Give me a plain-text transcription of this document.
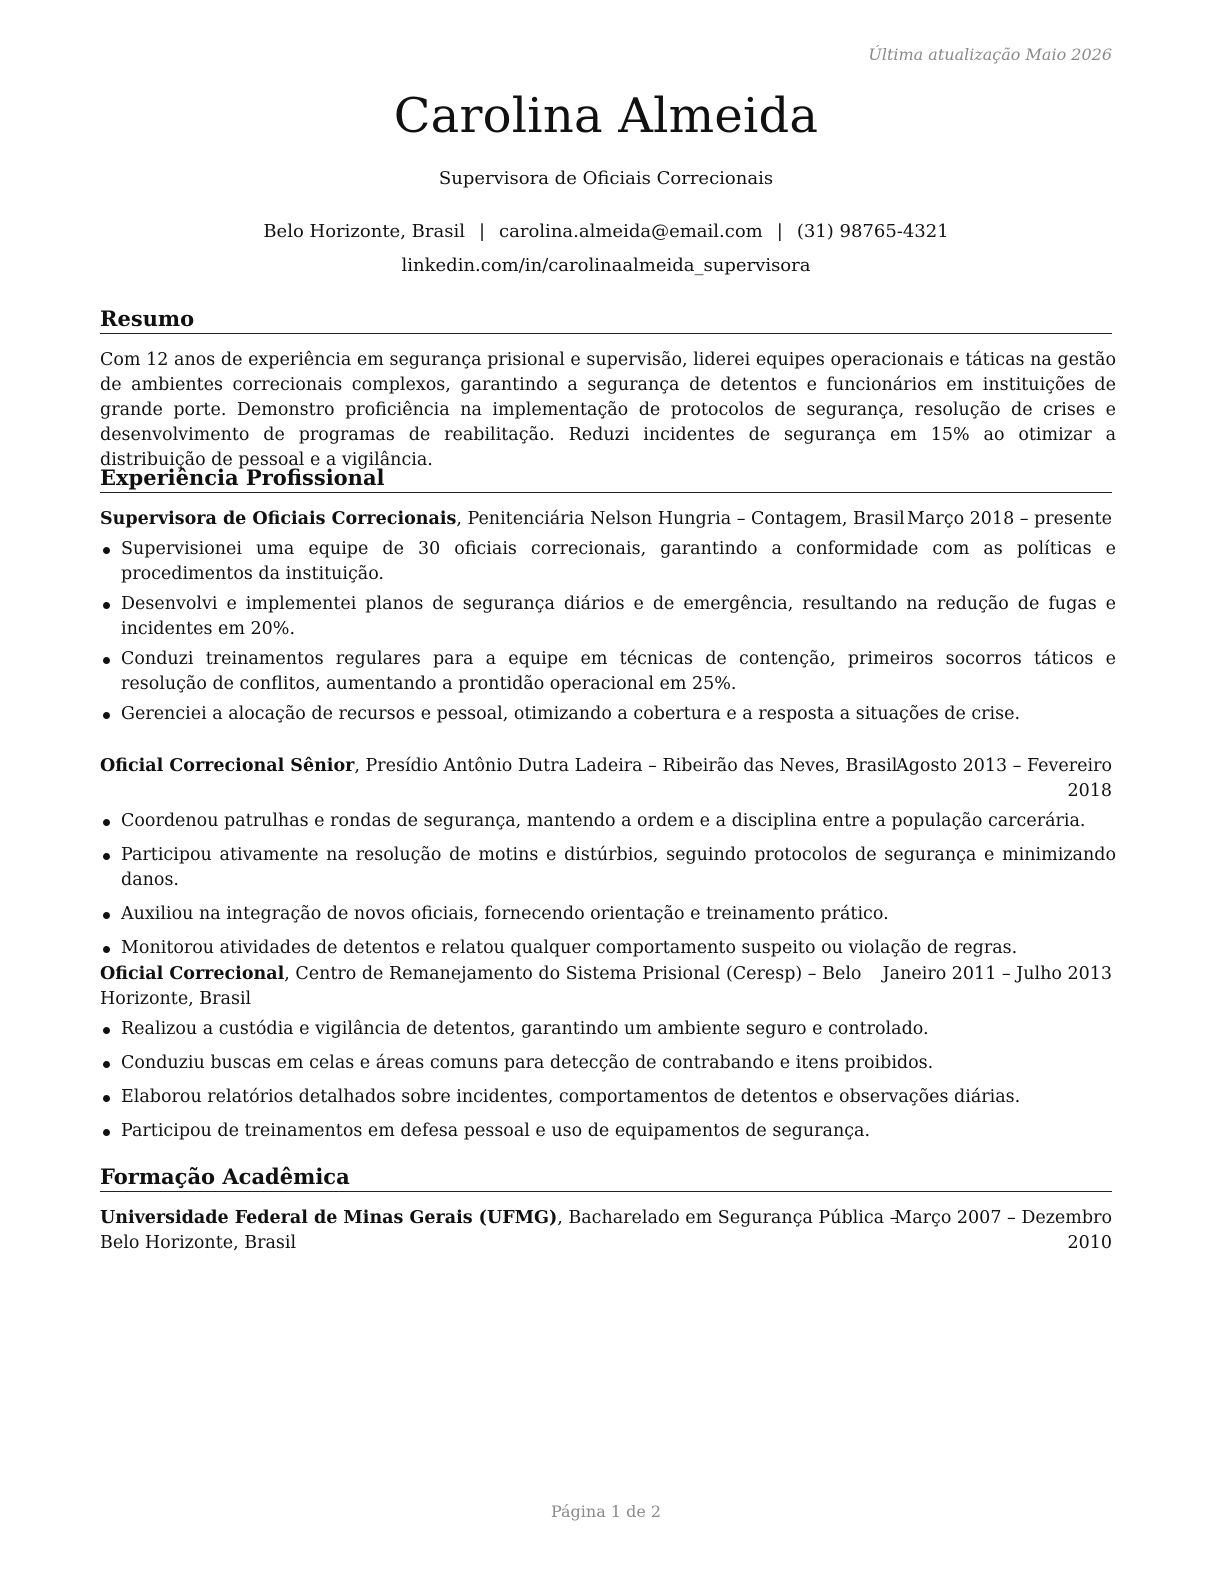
Última atualização Maio 2026
Carolina Almeida
Supervisora de Oficiais Correcionais
Belo Horizonte, Brasil | carolina.almeida@email.com | (31) 98765-4321
linkedin.com/in/carolinaalmeida_supervisora
Resumo
Com 12 anos de experiência em segurança prisional e supervisão, liderei equipes operacionais e táticas na gestão de ambientes correcionais complexos, garantindo a segurança de detentos e funcionários em instituições de grande porte. Demonstro proficiência na implementação de protocolos de segurança, resolução de crises e desenvolvimento de programas de reabilitação. Reduzi incidentes de segurança em 15% ao otimizar a distribuição de pessoal e a vigilância.
Experiência Profissional
Supervisora de Oficiais Correcionais, Penitenciária Nelson Hungria – Contagem, Brasil Março 2018 – presente
Supervisionei uma equipe de 30 oficiais correcionais, garantindo a conformidade com as políticas e procedimentos da instituição.
Desenvolvi e implementei planos de segurança diários e de emergência, resultando na redução de fugas e incidentes em 20%.
Conduzi treinamentos regulares para a equipe em técnicas de contenção, primeiros socorros táticos e resolução de conflitos, aumentando a prontidão operacional em 25%.
Gerenciei a alocação de recursos e pessoal, otimizando a cobertura e a resposta a situações de crise.
Oficial Correcional Sênior, Presídio Antônio Dutra Ladeira – Ribeirão das Neves, Brasil
Agosto 2013 – Fevereiro
2018
Coordenou patrulhas e rondas de segurança, mantendo a ordem e a disciplina entre a população carcerária.
Participou ativamente na resolução de motins e distúrbios, seguindo protocolos de segurança e minimizando danos.
Auxiliou na integração de novos oficiais, fornecendo orientação e treinamento prático.
Monitorou atividades de detentos e relatou qualquer comportamento suspeito ou violação de regras.
Oficial Correcional, Centro de Remanejamento do Sistema Prisional (Ceresp) – Belo
Horizonte, Brasil
Janeiro 2011 – Julho 2013
Realizou a custódia e vigilância de detentos, garantindo um ambiente seguro e controlado.
Conduziu buscas em celas e áreas comuns para detecção de contrabando e itens proibidos.
Elaborou relatórios detalhados sobre incidentes, comportamentos de detentos e observações diárias.
Participou de treinamentos em defesa pessoal e uso de equipamentos de segurança.
Formação Acadêmica
Universidade Federal de Minas Gerais (UFMG), Bacharelado em Segurança Pública –
Belo Horizonte, Brasil
Março 2007 – Dezembro
2010
Página 1 de 2
